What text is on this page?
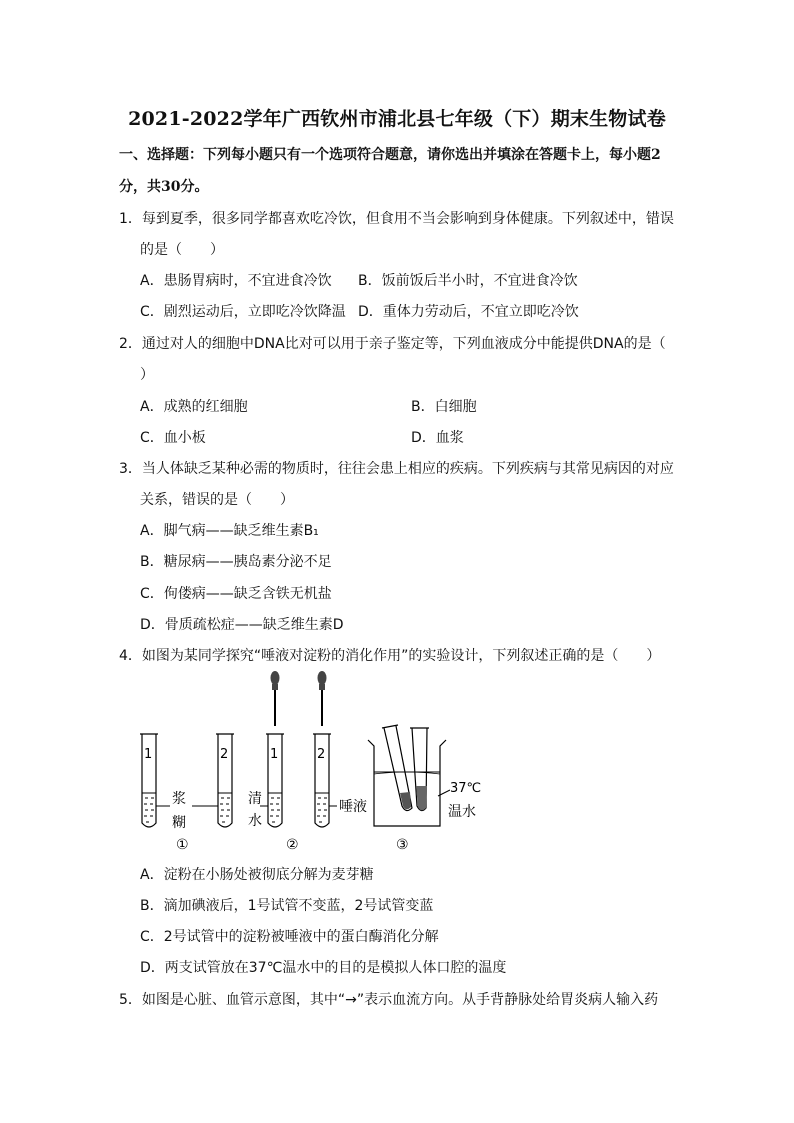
2021-2022学年广西钦州市浦北县七年级（下）期末生物试卷
一、选择题：下列每小题只有一个选项符合题意，请你选出并填涂在答题卡上，每小题2
分，共30分。
1．每到夏季，很多同学都喜欢吃冷饮，但食用不当会影响到身体健康。下列叙述中，错误
的是（　　）
A．患肠胃病时，不宜进食冷饮 B．饭前饭后半小时，不宜进食冷饮
C．剧烈运动后，立即吃冷饮降温 D．重体力劳动后，不宜立即吃冷饮
2．通过对人的细胞中DNA比对可以用于亲子鉴定等，下列血液成分中能提供DNA的是（
）
A．成熟的红细胞	B．白细胞
C．血小板	D．血浆
3．当人体缺乏某种必需的物质时，往往会患上相应的疾病。下列疾病与其常见病因的对应
关系，错误的是（　　）
A．脚气病——缺乏维生素B₁
B．糖尿病——胰岛素分泌不足
C．佝偻病——缺乏含铁无机盐
D．骨质疏松症——缺乏维生素D
4．如图为某同学探究“唾液对淀粉的消化作用”的实验设计，下列叙述正确的是（　　）
1	2
浆
糊
①
1
清
水
2
唾液
②
37℃
温水
③
A．淀粉在小肠处被彻底分解为麦芽糖
B．滴加碘液后，1号试管不变蓝，2号试管变蓝
C．2号试管中的淀粉被唾液中的蛋白酶消化分解
D．两支试管放在37℃温水中的目的是模拟人体口腔的温度
5．如图是心脏、血管示意图，其中“→”表示血流方向。从手背静脉处给胃炎病人输入药
